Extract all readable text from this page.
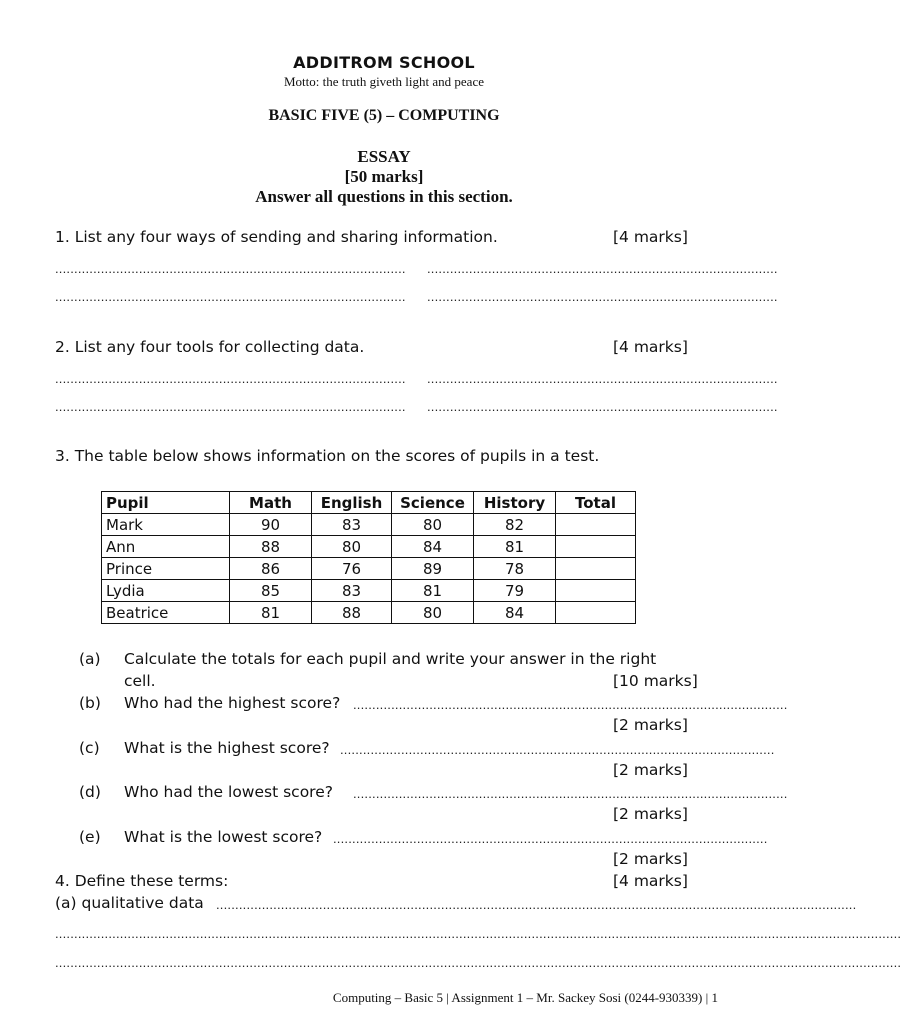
ADDITROM SCHOOL
Motto: the truth giveth light and peace
BASIC FIVE (5) – COMPUTING
ESSAY
[50 marks]
Answer all questions in this section.
1. List any four ways of sending and sharing information.	[4 marks]
............................................................................................ ............................................................................................
............................................................................................ ............................................................................................
2. List any four tools for collecting data.	[4 marks]
............................................................................................ ............................................................................................
............................................................................................ ............................................................................................
3. The table below shows information on the scores of pupils in a test.
Pupil	Math	English	Science	History	Total
Mark	90	83	80	82	
Ann	88	80	84	81	
Prince	86	76	89	78	
Lydia	85	83	81	79	
Beatrice	81	88	80	84	
(a) Calculate the totals for each pupil and write your answer in the right
cell.	[10 marks]
(b) Who had the highest score? ..................................................................................................................
[2 marks]
(c) What is the highest score? ..................................................................................................................
[2 marks]
(d) Who had the lowest score? ..................................................................................................................
[2 marks]
(e) What is the lowest score? ..................................................................................................................
[2 marks]
4. Define these terms:	[4 marks]
(a) qualitative data ........................................................................................................................................................................
..............................................................................................................................................................................................................................
..............................................................................................................................................................................................................................
Computing – Basic 5 | Assignment 1 – Mr. Sackey Sosi (0244-930339) | 1
